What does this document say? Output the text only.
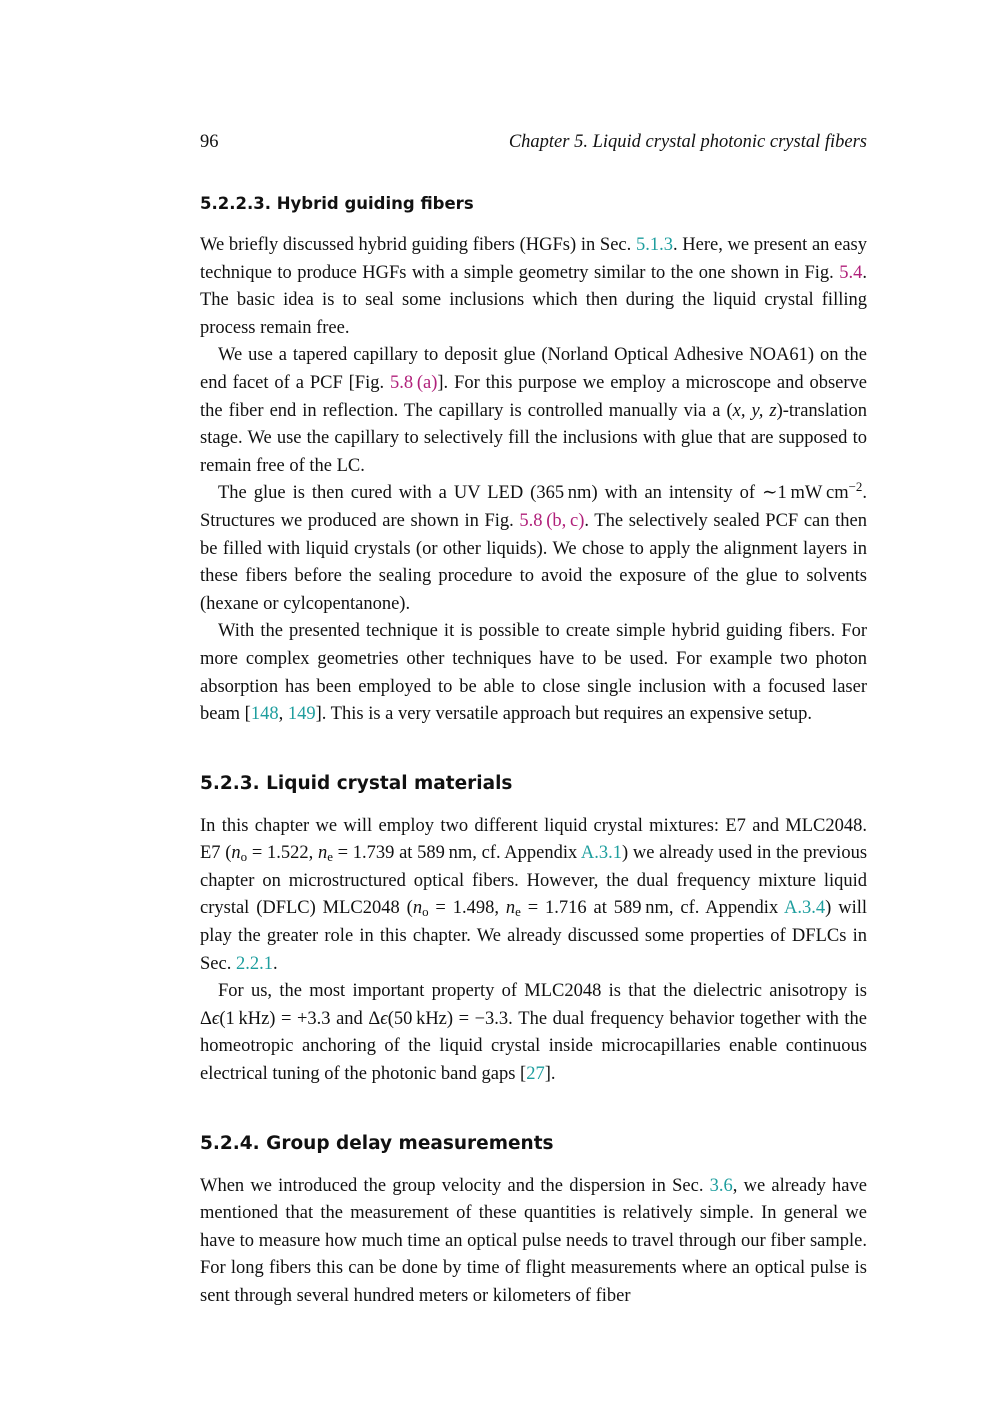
96	Chapter 5. Liquid crystal photonic crystal fibers
5.2.2.3. Hybrid guiding fibers

We briefly discussed hybrid guiding fibers (HGFs) in Sec. 5.1.3. Here, we present an easy technique to produce HGFs with a simple geometry similar to the one shown in Fig. 5.4. The basic idea is to seal some inclusions which then during the liquid crystal filling process remain free.

We use a tapered capillary to deposit glue (Norland Optical Adhesive NOA61) on the end facet of a PCF [Fig. 5.8 (a)]. For this purpose we employ a microscope and observe the fiber end in reflection. The capillary is controlled manually via a (x, y, z)-translation stage. We use the capillary to selectively fill the inclusions with glue that are supposed to remain free of the LC.

The glue is then cured with a UV LED (365 nm) with an intensity of ∼1 mW $cm^{-2}$. Structures we produced are shown in Fig. 5.8 (b, c). The selectively sealed PCF can then be filled with liquid crystals (or other liquids). We chose to apply the alignment layers in these fibers before the sealing procedure to avoid the exposure of the glue to solvents (hexane or cylcopentanone).

With the presented technique it is possible to create simple hybrid guiding fibers. For more complex geometries other techniques have to be used. For example two photon absorption has been employed to be able to close single inclusion with a focused laser beam [148, 149]. This is a very versatile approach but requires an expensive setup.

5.2.3. Liquid crystal materials

In this chapter we will employ two different liquid crystal mixtures: E7 and MLC2048. E7 ($n_o = 1.522$, $n_e = 1.739$ at 589 nm, cf. Appendix A.3.1) we already used in the previous chapter on microstructured optical fibers. However, the dual frequency mixture liquid crystal (DFLC) MLC2048 ($n_o = 1.498$, $n_e = 1.716$ at 589 nm, cf. Appendix A.3.4) will play the greater role in this chapter. We already discussed some properties of DFLCs in Sec. 2.2.1.

For us, the most important property of MLC2048 is that the dielectric anisotropy is Δϵ(1 kHz) = +3.3 and Δϵ(50 kHz) = −3.3. The dual frequency behavior together with the homeotropic anchoring of the liquid crystal inside microcapillaries enable continuous electrical tuning of the photonic band gaps [27].

5.2.4. Group delay measurements

When we introduced the group velocity and the dispersion in Sec. 3.6, we already have mentioned that the measurement of these quantities is relatively simple. In general we have to measure how much time an optical pulse needs to travel through our fiber sample. For long fibers this can be done by time of flight measurements where an optical pulse is sent through several hundred meters or kilometers of fiber
